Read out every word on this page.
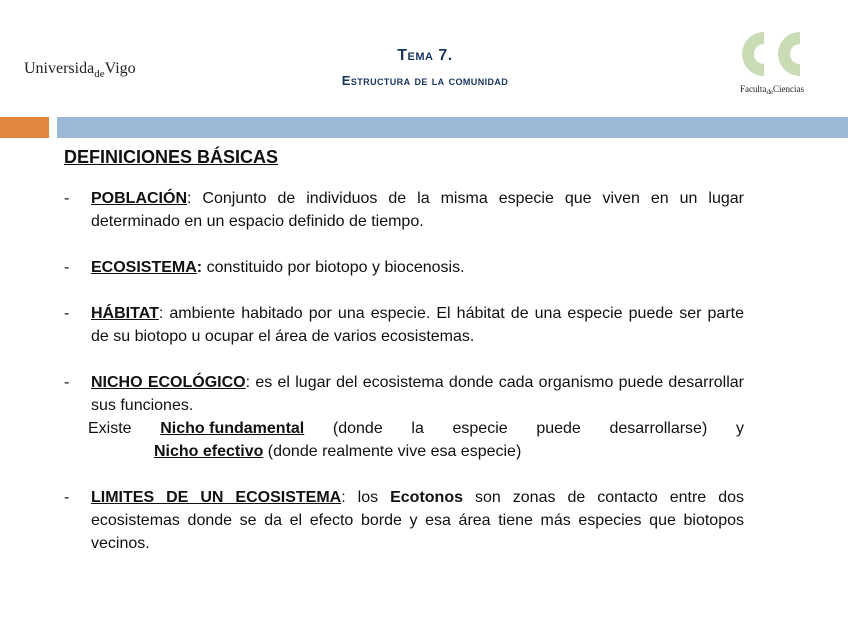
Universida$_{de}$Vigo
Tema 7.
Estructura de la comunidad
Faculta$_{de}$Ciencias
DEFINICIONES BÁSICAS
- POBLACIÓN: Conjunto de individuos de la misma especie que viven en un lugar determinado en un espacio definido de tiempo.
- ECOSISTEMA: constituido por biotopo y biocenosis.
- HÁBITAT: ambiente habitado por una especie. El hábitat de una especie puede ser parte de su biotopo u ocupar el área de varios ecosistemas.
- NICHO ECOLÓGICO: es el lugar del ecosistema donde cada organismo puede desarrollar sus funciones.
Existe Nicho fundamental (donde la especie puede desarrollarse) y
Nicho efectivo (donde realmente vive esa especie)
- LIMITES DE UN ECOSISTEMA: los Ecotonos son zonas de contacto entre dos ecosistemas donde se da el efecto borde y esa área tiene más especies que biotopos vecinos.
